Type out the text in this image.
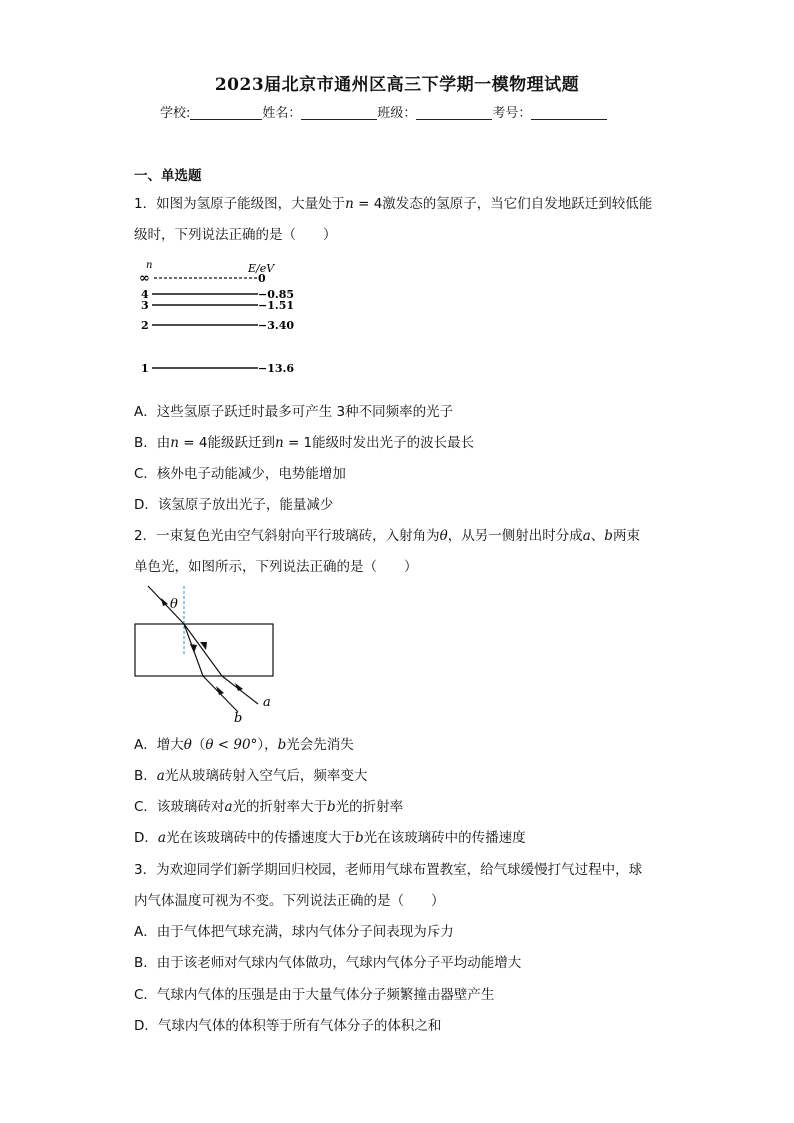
2023届北京市通州区高三下学期一模物理试题
学校:	姓名：	班级：	考号：
一、单选题
1．如图为氢原子能级图，大量处于n = 4激发态的氢原子，当它们自发地跃迁到较低能
级时，下列说法正确的是（　　）
n	E/eV
∞	0
4	−0.85
3	−1.51
2	−3.40
1	−13.6
A．这些氢原子跃迁时最多可产生 3种不同频率的光子
B．由n = 4能级跃迁到n = 1能级时发出光子的波长最长
C．核外电子动能减少，电势能增加
D．该氢原子放出光子，能量减少
2．一束复色光由空气斜射向平行玻璃砖，入射角为θ，从另一侧射出时分成a、b两束
单色光，如图所示，下列说法正确的是（　　）
θ
a
b
A．增大θ（θ < 90°），b光会先消失
B．a光从玻璃砖射入空气后，频率变大
C．该玻璃砖对a光的折射率大于b光的折射率
D．a光在该玻璃砖中的传播速度大于b光在该玻璃砖中的传播速度
3．为欢迎同学们新学期回归校园，老师用气球布置教室，给气球缓慢打气过程中，球
内气体温度可视为不变。下列说法正确的是（　　）
A．由于气体把气球充满，球内气体分子间表现为斥力
B．由于该老师对气球内气体做功，气球内气体分子平均动能增大
C．气球内气体的压强是由于大量气体分子频繁撞击器壁产生
D．气球内气体的体积等于所有气体分子的体积之和
